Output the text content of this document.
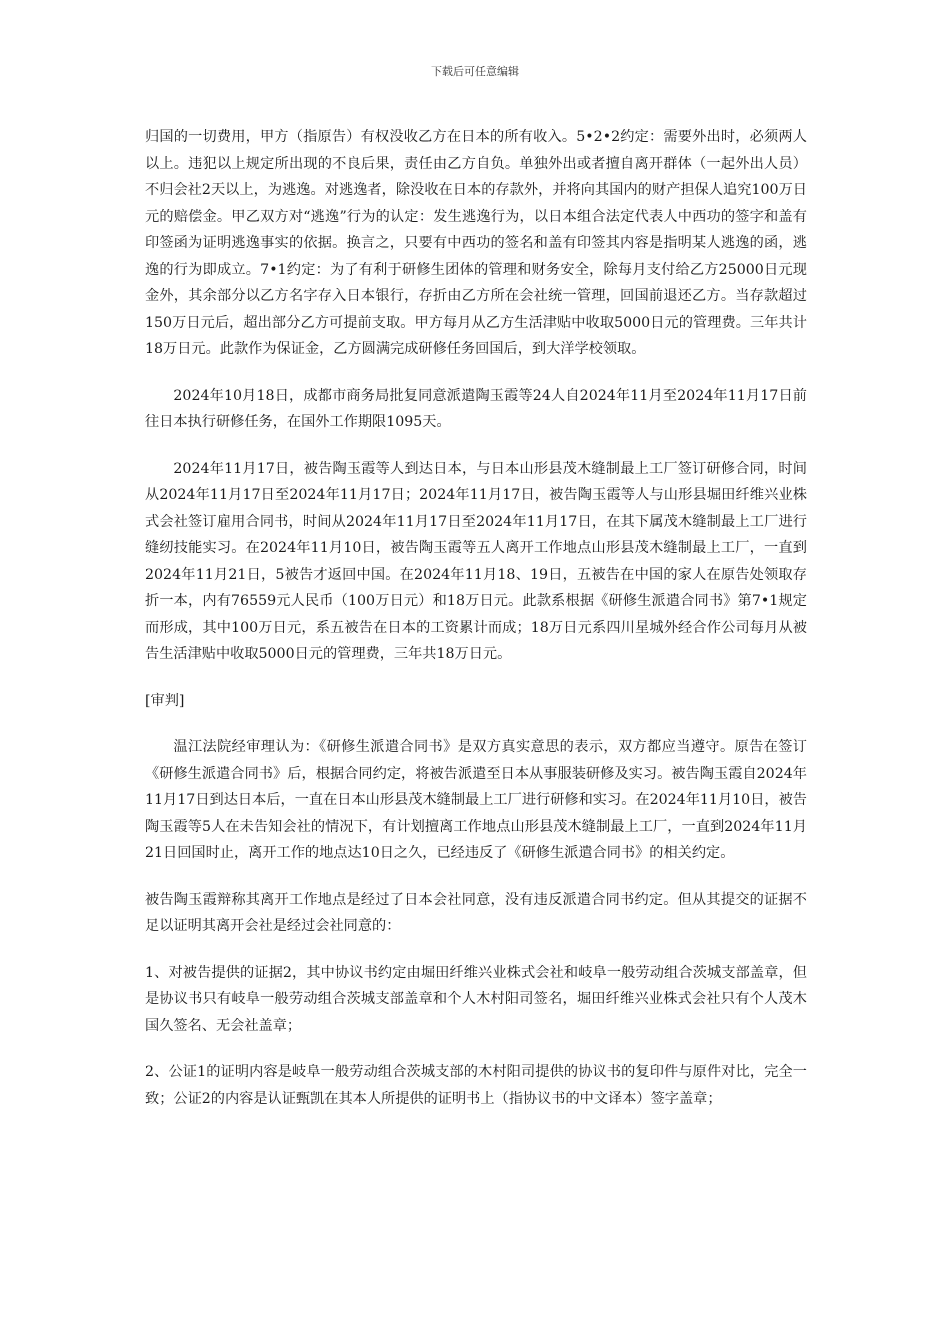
下载后可任意编辑

归国的一切费用，甲方（指原告）有权没收乙方在日本的所有收入。5•2•2约定：需要外出时，必须两人以上。违犯以上规定所出现的不良后果，责任由乙方自负。单独外出或者擅自离开群体（一起外出人员）不归会社2天以上，为逃逸。对逃逸者，除没收在日本的存款外，并将向其国内的财产担保人追究100万日元的赔偿金。甲乙双方对“逃逸”行为的认定：发生逃逸行为，以日本组合法定代表人中西功的签字和盖有印签函为证明逃逸事实的依据。换言之，只要有中西功的签名和盖有印签其内容是指明某人逃逸的函，逃逸的行为即成立。7•1约定：为了有利于研修生团体的管理和财务安全，除每月支付给乙方25000日元现金外，其余部分以乙方名字存入日本银行，存折由乙方所在会社统一管理，回国前退还乙方。当存款超过150万日元后，超出部分乙方可提前支取。甲方每月从乙方生活津贴中收取5000日元的管理费。三年共计18万日元。此款作为保证金，乙方圆满完成研修任务回国后，到大洋学校领取。

2024年10月18日，成都市商务局批复同意派遣陶玉霞等24人自2024年11月至2024年11月17日前往日本执行研修任务，在国外工作期限1095天。

2024年11月17日，被告陶玉霞等人到达日本，与日本山形县茂木缝制最上工厂签订研修合同，时间从2024年11月17日至2024年11月17日；2024年11月17日，被告陶玉霞等人与山形县堀田纤维兴业株式会社签订雇用合同书，时间从2024年11月17日至2024年11月17日，在其下属茂木缝制最上工厂进行缝纫技能实习。在2024年11月10日，被告陶玉霞等五人离开工作地点山形县茂木缝制最上工厂，一直到2024年11月21日，5被告才返回中国。在2024年11月18、19日，五被告在中国的家人在原告处领取存折一本，内有76559元人民币（100万日元）和18万日元。此款系根据《研修生派遣合同书》第7•1规定而形成，其中100万日元，系五被告在日本的工资累计而成；18万日元系四川星城外经合作公司每月从被告生活津贴中收取5000日元的管理费，三年共18万日元。

[审判]

温江法院经审理认为：《研修生派遣合同书》是双方真实意思的表示，双方都应当遵守。原告在签订《研修生派遣合同书》后，根据合同约定，将被告派遣至日本从事服装研修及实习。被告陶玉霞自2024年11月17日到达日本后，一直在日本山形县茂木缝制最上工厂进行研修和实习。在2024年11月10日，被告陶玉霞等5人在未告知会社的情况下，有计划擅离工作地点山形县茂木缝制最上工厂，一直到2024年11月21日回国时止，离开工作的地点达10日之久，已经违反了《研修生派遣合同书》的相关约定。

被告陶玉霞辩称其离开工作地点是经过了日本会社同意，没有违反派遣合同书约定。但从其提交的证据不足以证明其离开会社是经过会社同意的：

1、对被告提供的证据2，其中协议书约定由堀田纤维兴业株式会社和岐阜一般劳动组合茨城支部盖章，但是协议书只有岐阜一般劳动组合茨城支部盖章和个人木村阳司签名，堀田纤维兴业株式会社只有个人茂木国久签名、无会社盖章；

2、公证1的证明内容是岐阜一般劳动组合茨城支部的木村阳司提供的协议书的复印件与原件对比，完全一致；公证2的内容是认证甄凯在其本人所提供的证明书上（指协议书的中文译本）签字盖章；
